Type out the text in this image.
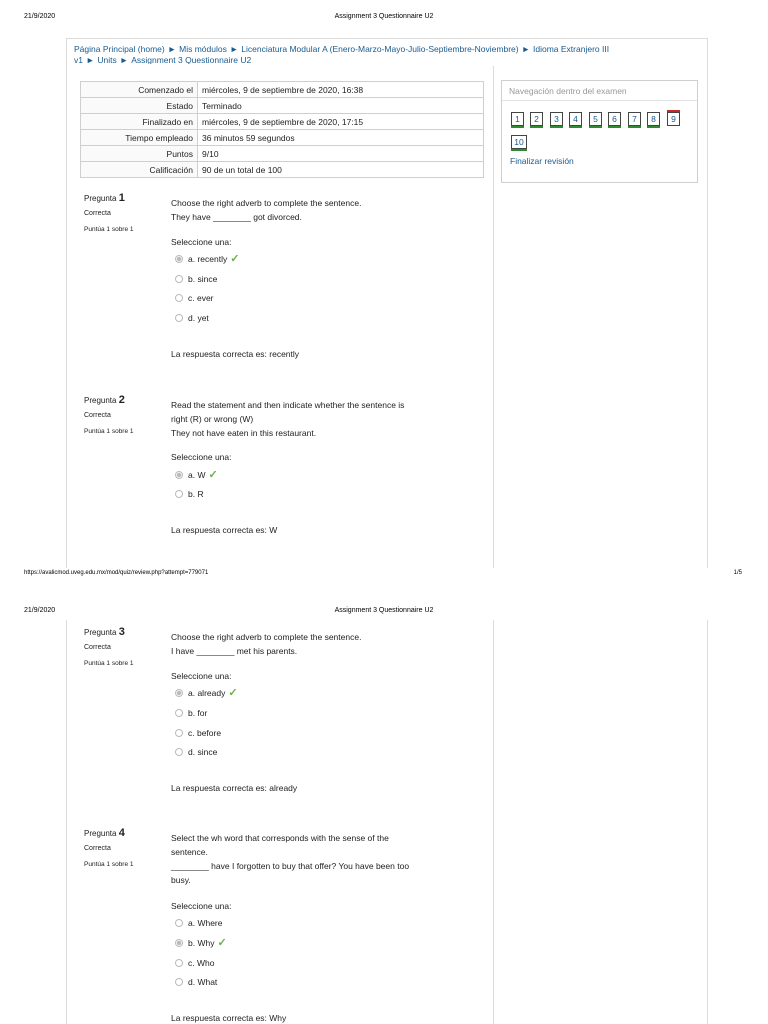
21/9/2020	Assignment 3 Questionnaire U2
Página Principal (home) ► Mis módulos ► Licenciatura Modular A (Enero-Marzo-Mayo-Julio-Septiembre-Noviembre) ► Idioma Extranjero III v1 ► Units ► Assignment 3 Questionnaire U2
Comenzado el	miércoles, 9 de septiembre de 2020, 16:38
Estado	Terminado
Finalizado en	miércoles, 9 de septiembre de 2020, 17:15
Tiempo empleado	36 minutos 59 segundos
Puntos	9/10
Calificación	90 de un total de 100
Navegación dentro del examen
1	2	3	4	5	6	7	8	9
10
Finalizar revisión
Pregunta 1
Correcta
Puntúa 1 sobre 1
Choose the right adverb to complete the sentence.
They have ________ got divorced.
Seleccione una:
a. recently ✓
b. since
c. ever
d. yet
La respuesta correcta es: recently
Pregunta 2
Correcta
Puntúa 1 sobre 1
Read the statement and then indicate whether the sentence is
right (R) or wrong (W)
They not have eaten in this restaurant.
Seleccione una:
a. W ✓
b. R
La respuesta correcta es: W
https://avalicmod.uveg.edu.mx/mod/quiz/review.php?attempt=779071	1/5
21/9/2020	Assignment 3 Questionnaire U2
Pregunta 3
Correcta
Puntúa 1 sobre 1
Choose the right adverb to complete the sentence.
I have ________ met his parents.
Seleccione una:
a. already ✓
b. for
c. before
d. since
La respuesta correcta es: already
Pregunta 4
Correcta
Puntúa 1 sobre 1
Select the wh word that corresponds with the sense of the
sentence.
________ have I forgotten to buy that offer? You have been too
busy.
Seleccione una:
a. Where
b. Why ✓
c. Who
d. What
La respuesta correcta es: Why
